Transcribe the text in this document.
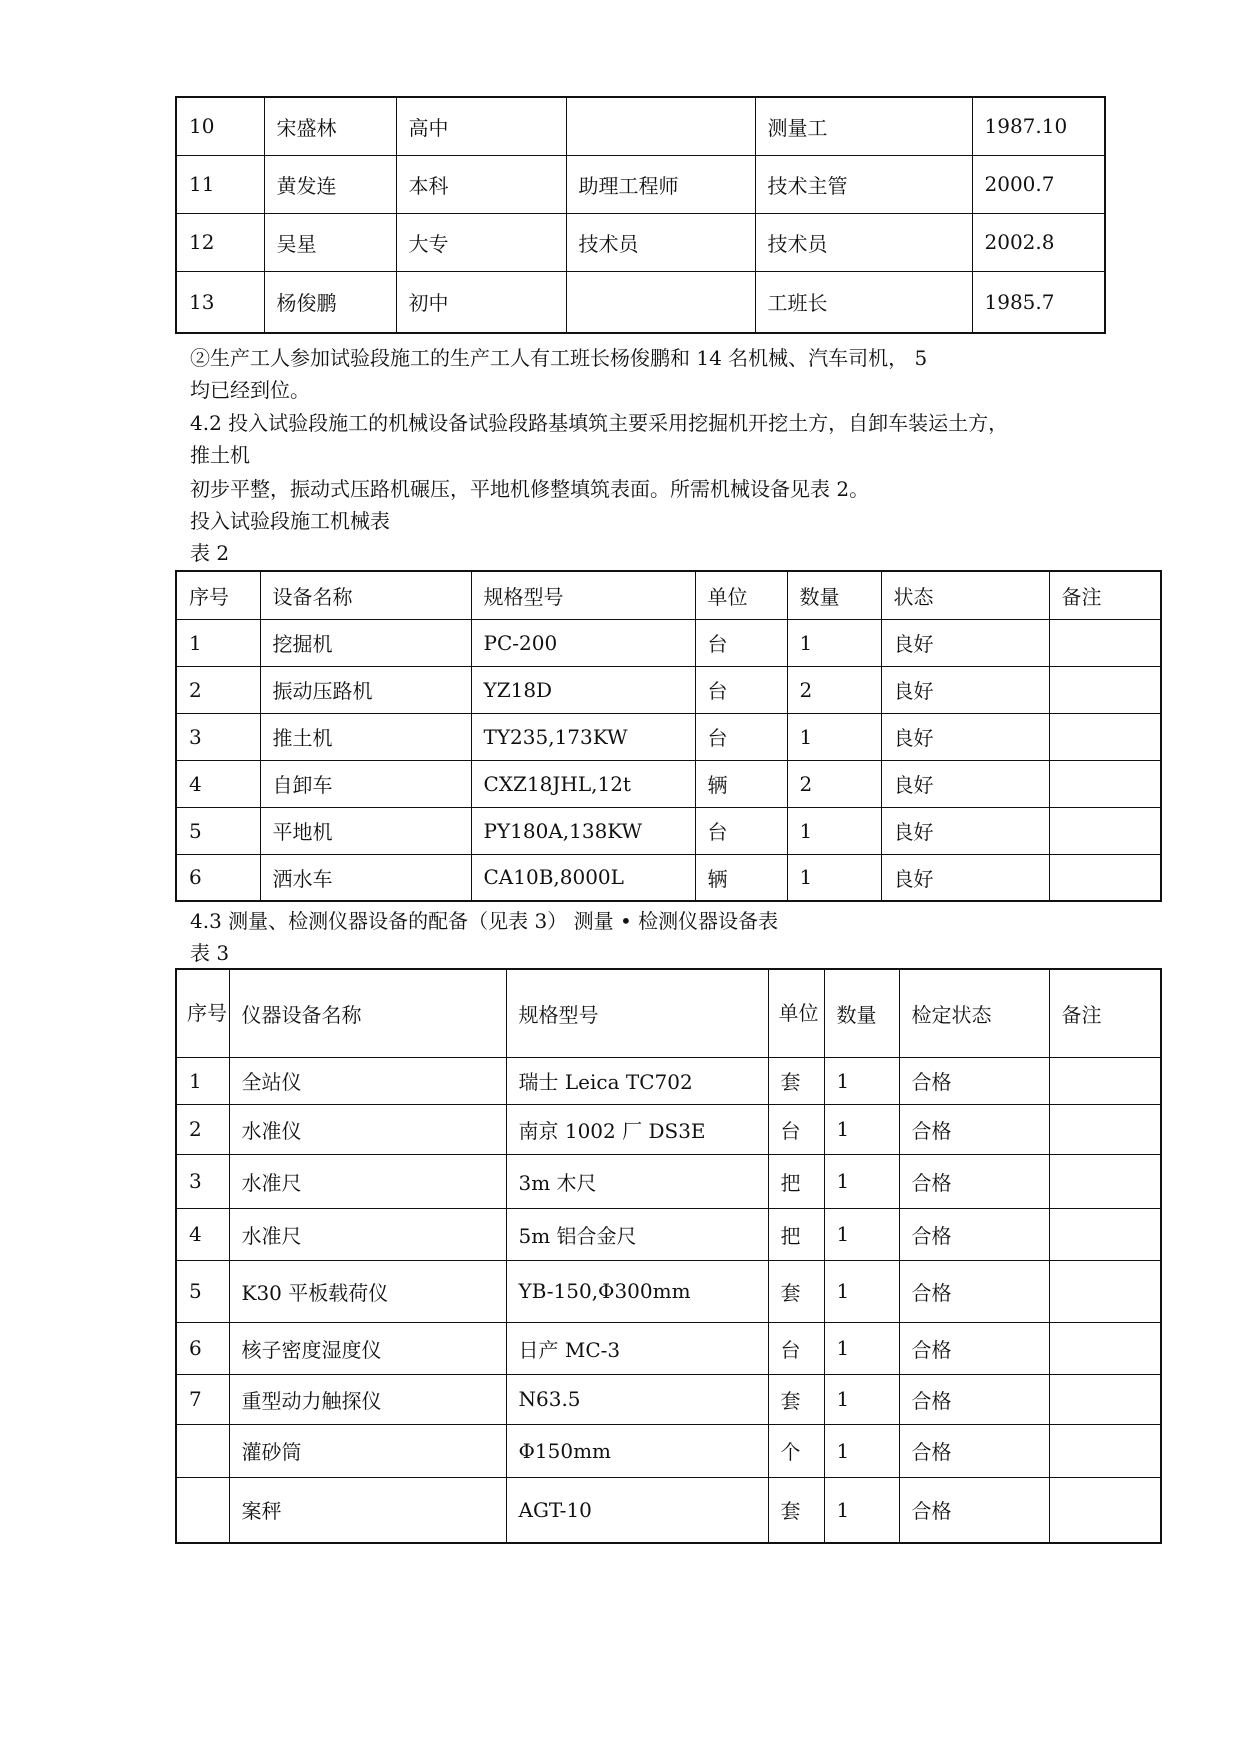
10	宋盛林	高中		测量工	1987.10
11	黄发连	本科	助理工程师	技术主管	2000.7
12	吴星	大专	技术员	技术员	2002.8
13	杨俊鹏	初中		工班长	1985.7
②生产工人参加试验段施工的生产工人有工班长杨俊鹏和 14 名机械、汽车司机， 5
均已经到位。
4.2 投入试验段施工的机械设备试验段路基填筑主要采用挖掘机开挖土方，自卸车装运土方，
推土机
初步平整，振动式压路机碾压，平地机修整填筑表面。所需机械设备见表 2。
投入试验段施工机械表
表 2
序号	设备名称	规格型号	单位	数量	状态	备注
1	挖掘机	PC-200	台	1	良好	
2	振动压路机	YZ18D	台	2	良好	
3	推土机	TY235,173KW	台	1	良好	
4	自卸车	CXZ18JHL,12t	辆	2	良好	
5	平地机	PY180A,138KW	台	1	良好	
6	洒水车	CA10B,8000L	辆	1	良好	
4.3 测量、检测仪器设备的配备（见表 3） 测量 • 检测仪器设备表
表 3
序号	仪器设备名称	规格型号	单位	数量	检定状态	备注
1	全站仪	瑞士 Leica TC702	套	1	合格	
2	水准仪	南京 1002 厂 DS3E	台	1	合格	
3	水准尺	3m 木尺	把	1	合格	
4	水准尺	5m 铝合金尺	把	1	合格	
5	K30 平板载荷仪	YB-150,Φ300mm	套	1	合格	
6	核子密度湿度仪	日产 MC-3	台	1	合格	
7	重型动力触探仪	N63.5	套	1	合格	
	灌砂筒	Φ150mm	个	1	合格	
	案秤	AGT-10	套	1	合格	
